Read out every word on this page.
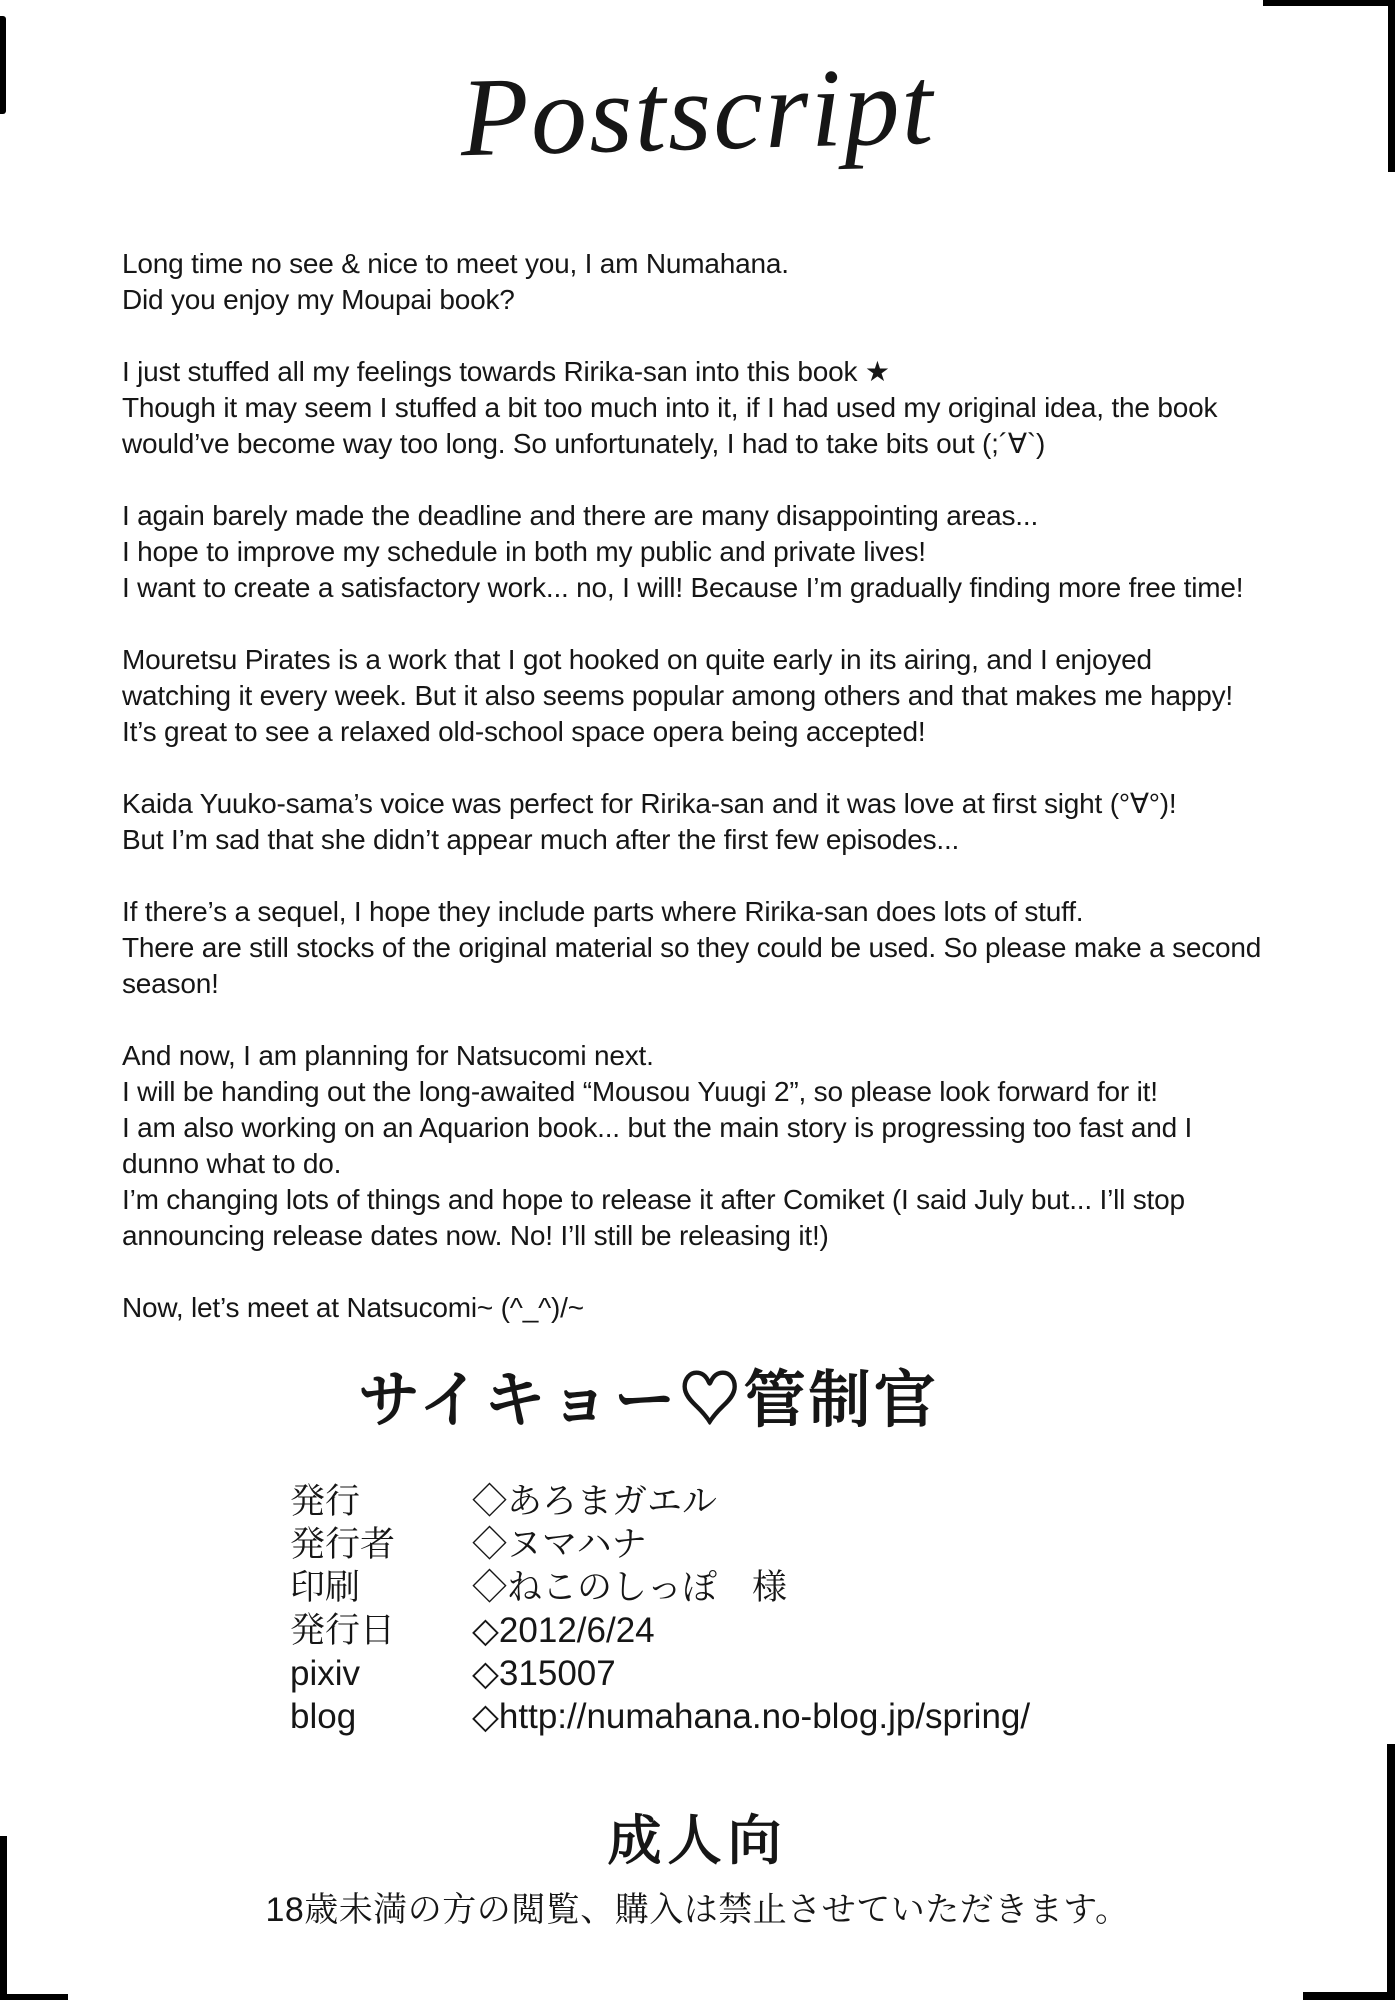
Postscript
Long time no see & nice to meet you, I am Numahana.
Did you enjoy my Moupai book?
I just stuffed all my feelings towards Ririka-san into this book ★
Though it may seem I stuffed a bit too much into it, if I had used my original idea, the book
would’ve become way too long. So unfortunately, I had to take bits out (;´∀`)
I again barely made the deadline and there are many disappointing areas...
I hope to improve my schedule in both my public and private lives!
I want to create a satisfactory work... no, I will! Because I’m gradually finding more free time!
Mouretsu Pirates is a work that I got hooked on quite early in its airing, and I enjoyed
watching it every week. But it also seems popular among others and that makes me happy!
It’s great to see a relaxed old-school space opera being accepted!
Kaida Yuuko-sama’s voice was perfect for Ririka-san and it was love at first sight (°∀°)!
But I’m sad that she didn’t appear much after the first few episodes...
If there’s a sequel, I hope they include parts where Ririka-san does lots of stuff.
There are still stocks of the original material so they could be used. So please make a second
season!
And now, I am planning for Natsucomi next.
I will be handing out the long-awaited “Mousou Yuugi 2”, so please look forward for it!
I am also working on an Aquarion book... but the main story is progressing too fast and I
dunno what to do.
I’m changing lots of things and hope to release it after Comiket (I said July but... I’ll stop
announcing release dates now. No! I’ll still be releasing it!)
Now, let’s meet at Natsucomi~ (^_^)/~
サイキョー♡管制官
発行	◇あろまガエル
発行者	◇ヌマハナ
印刷	◇ねこのしっぽ　様
発行日	◇2012/6/24
pixiv	◇315007
blog	◇http://numahana.no-blog.jp/spring/
成人向
18歳未満の方の閲覧、購入は禁止させていただきます。
